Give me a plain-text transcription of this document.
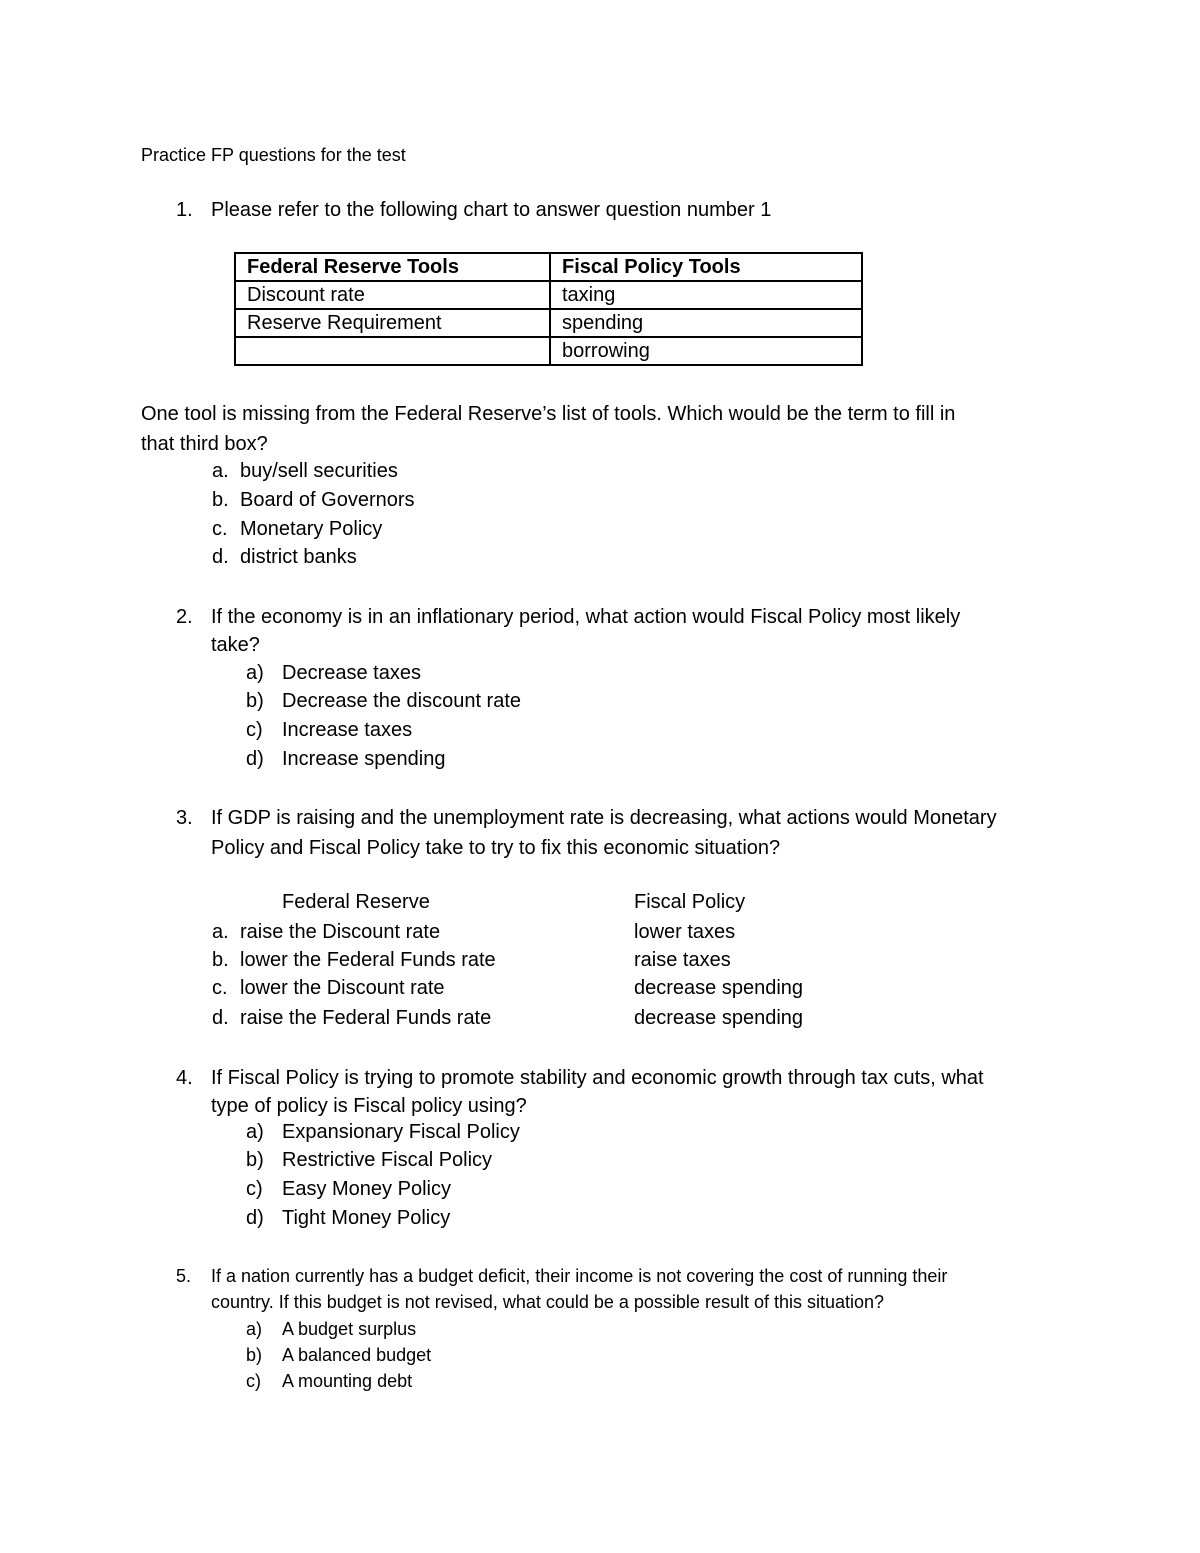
Practice FP questions for the test
1. Please refer to the following chart to answer question number 1
Federal Reserve Tools	Fiscal Policy Tools
Discount rate	taxing
Reserve Requirement	spending
	borrowing
One tool is missing from the Federal Reserve’s list of tools. Which would be the term to fill in
that third box?
a. buy/sell securities
b. Board of Governors
c. Monetary Policy
d. district banks
2. If the economy is in an inflationary period, what action would Fiscal Policy most likely
take?
a) Decrease taxes
b) Decrease the discount rate
c) Increase taxes
d) Increase spending
3. If GDP is raising and the unemployment rate is decreasing, what actions would Monetary
Policy and Fiscal Policy take to try to fix this economic situation?
Federal Reserve	Fiscal Policy
a. raise the Discount rate	lower taxes
b. lower the Federal Funds rate	raise taxes
c. lower the Discount rate	decrease spending
d. raise the Federal Funds rate	decrease spending
4. If Fiscal Policy is trying to promote stability and economic growth through tax cuts, what
type of policy is Fiscal policy using?
a) Expansionary Fiscal Policy
b) Restrictive Fiscal Policy
c) Easy Money Policy
d) Tight Money Policy
5. If a nation currently has a budget deficit, their income is not covering the cost of running their
country. If this budget is not revised, what could be a possible result of this situation?
a) A budget surplus
b) A balanced budget
c) A mounting debt
